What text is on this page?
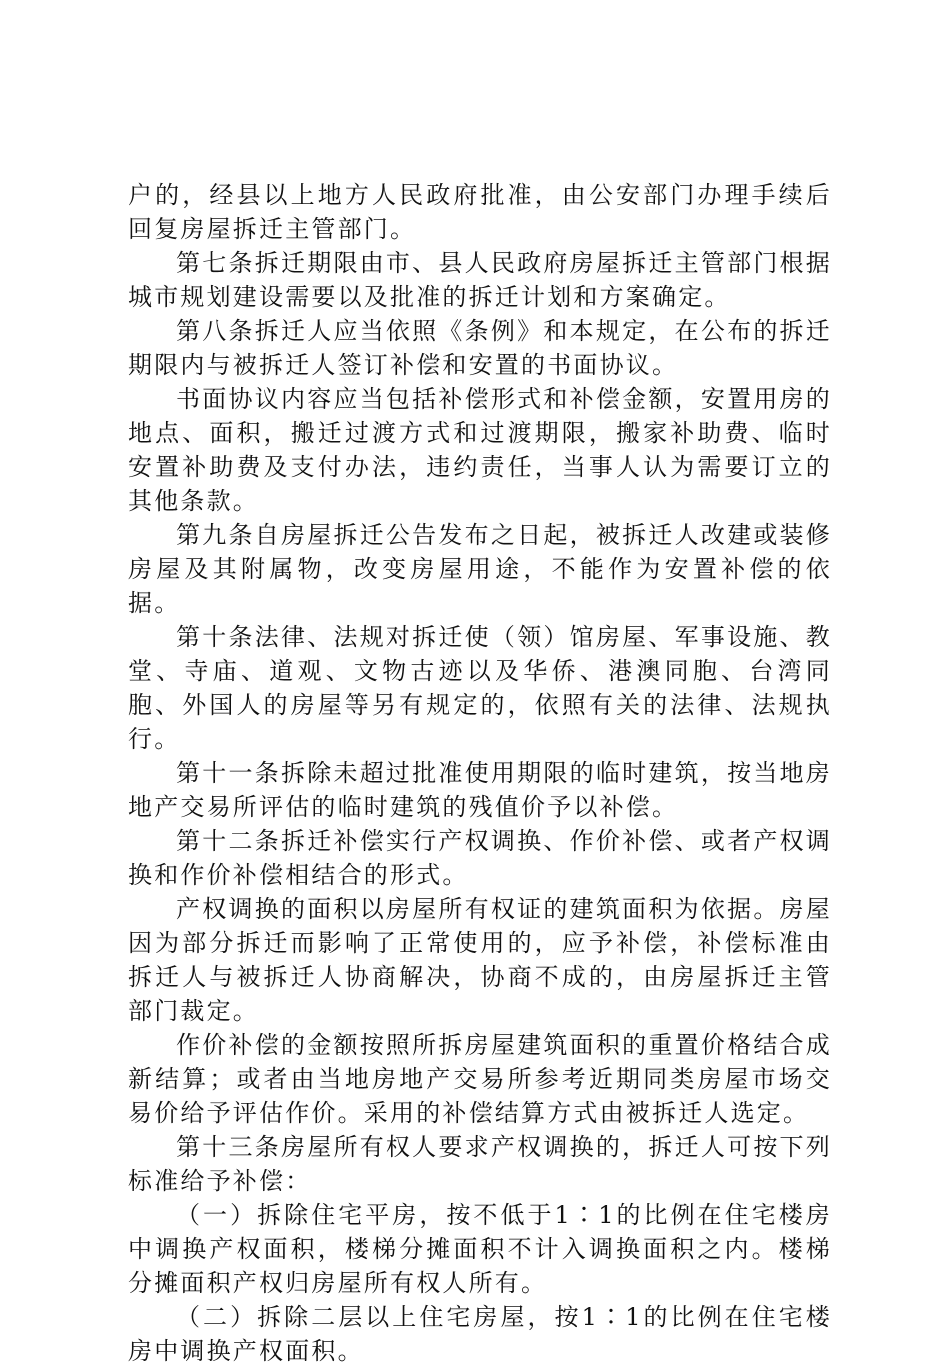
户的，经县以上地方人民政府批准，由公安部门办理手续后回复房屋拆迁主管部门。

第七条拆迁期限由市、县人民政府房屋拆迁主管部门根据城市规划建设需要以及批准的拆迁计划和方案确定。

第八条拆迁人应当依照《条例》和本规定，在公布的拆迁期限内与被拆迁人签订补偿和安置的书面协议。

书面协议内容应当包括补偿形式和补偿金额，安置用房的地点、面积，搬迁过渡方式和过渡期限，搬家补助费、临时安置补助费及支付办法，违约责任，当事人认为需要订立的其他条款。

第九条自房屋拆迁公告发布之日起，被拆迁人改建或装修房屋及其附属物，改变房屋用途，不能作为安置补偿的依据。

第十条法律、法规对拆迁使（领）馆房屋、军事设施、教堂、寺庙、道观、文物古迹以及华侨、港澳同胞、台湾同胞、外国人的房屋等另有规定的，依照有关的法律、法规执行。

第十一条拆除未超过批准使用期限的临时建筑，按当地房地产交易所评估的临时建筑的残值价予以补偿。

第十二条拆迁补偿实行产权调换、作价补偿、或者产权调换和作价补偿相结合的形式。

产权调换的面积以房屋所有权证的建筑面积为依据。房屋因为部分拆迁而影响了正常使用的，应予补偿，补偿标准由拆迁人与被拆迁人协商解决，协商不成的，由房屋拆迁主管部门裁定。

作价补偿的金额按照所拆房屋建筑面积的重置价格结合成新结算；或者由当地房地产交易所参考近期同类房屋市场交易价给予评估作价。采用的补偿结算方式由被拆迁人选定。

第十三条房屋所有权人要求产权调换的，拆迁人可按下列标准给予补偿：

（一）拆除住宅平房，按不低于1∶1的比例在住宅楼房中调换产权面积，楼梯分摊面积不计入调换面积之内。楼梯分摊面积产权归房屋所有权人所有。

（二）拆除二层以上住宅房屋，按1∶1的比例在住宅楼房中调换产权面积。
